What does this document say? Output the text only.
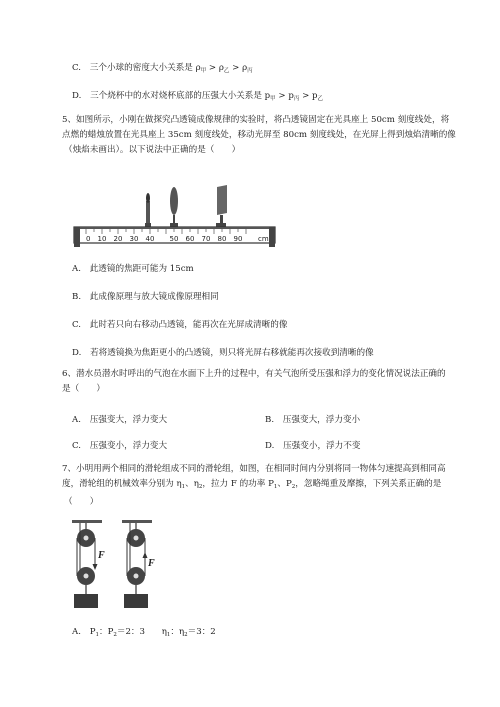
C. 三个小球的密度大小关系是 $\rho_甲 > \rho_乙 > \rho_丙$
D. 三个烧杯中的水对烧杯底部的压强大小关系是 $p_甲 > p_丙 > p_乙$
5、如图所示，小刚在做探究凸透镜成像规律的实验时，将凸透镜固定在光具座上 50cm 刻度线处，将
点燃的蜡烛放置在光具座上 35cm 刻度线处，移动光屏至 80cm 刻度线处，在光屏上得到烛焰清晰的像
（烛焰未画出）。以下说法中正确的是（　　）
0 10 20 30 40 50 60 70 80 90 cm
A. 此透镜的焦距可能为 15cm
B. 此成像原理与放大镜成像原理相同
C. 此时若只向右移动凸透镜，能再次在光屏成清晰的像
D. 若将透镜换为焦距更小的凸透镜，则只将光屏右移就能再次接收到清晰的像
6、潜水员潜水时呼出的气泡在水面下上升的过程中，有关气泡所受压强和浮力的变化情况说法正确的
是（　　）
A. 压强变大，浮力变大	B. 压强变大，浮力变小
C. 压强变小，浮力变大	D. 压强变小，浮力不变
7、小明用两个相同的滑轮组成不同的滑轮组，如图，在相同时间内分别将同一物体匀速提高到相同高
度，滑轮组的机械效率分别为 $\eta_1$、$\eta_2$，拉力 F 的功率 $P_1$、$P_2$，忽略绳重及摩擦，下列关系正确的是
（　　）
F
F
A. $P_1$：$P_2=2$：3 $\eta_1$：$\eta_2=3$：2
